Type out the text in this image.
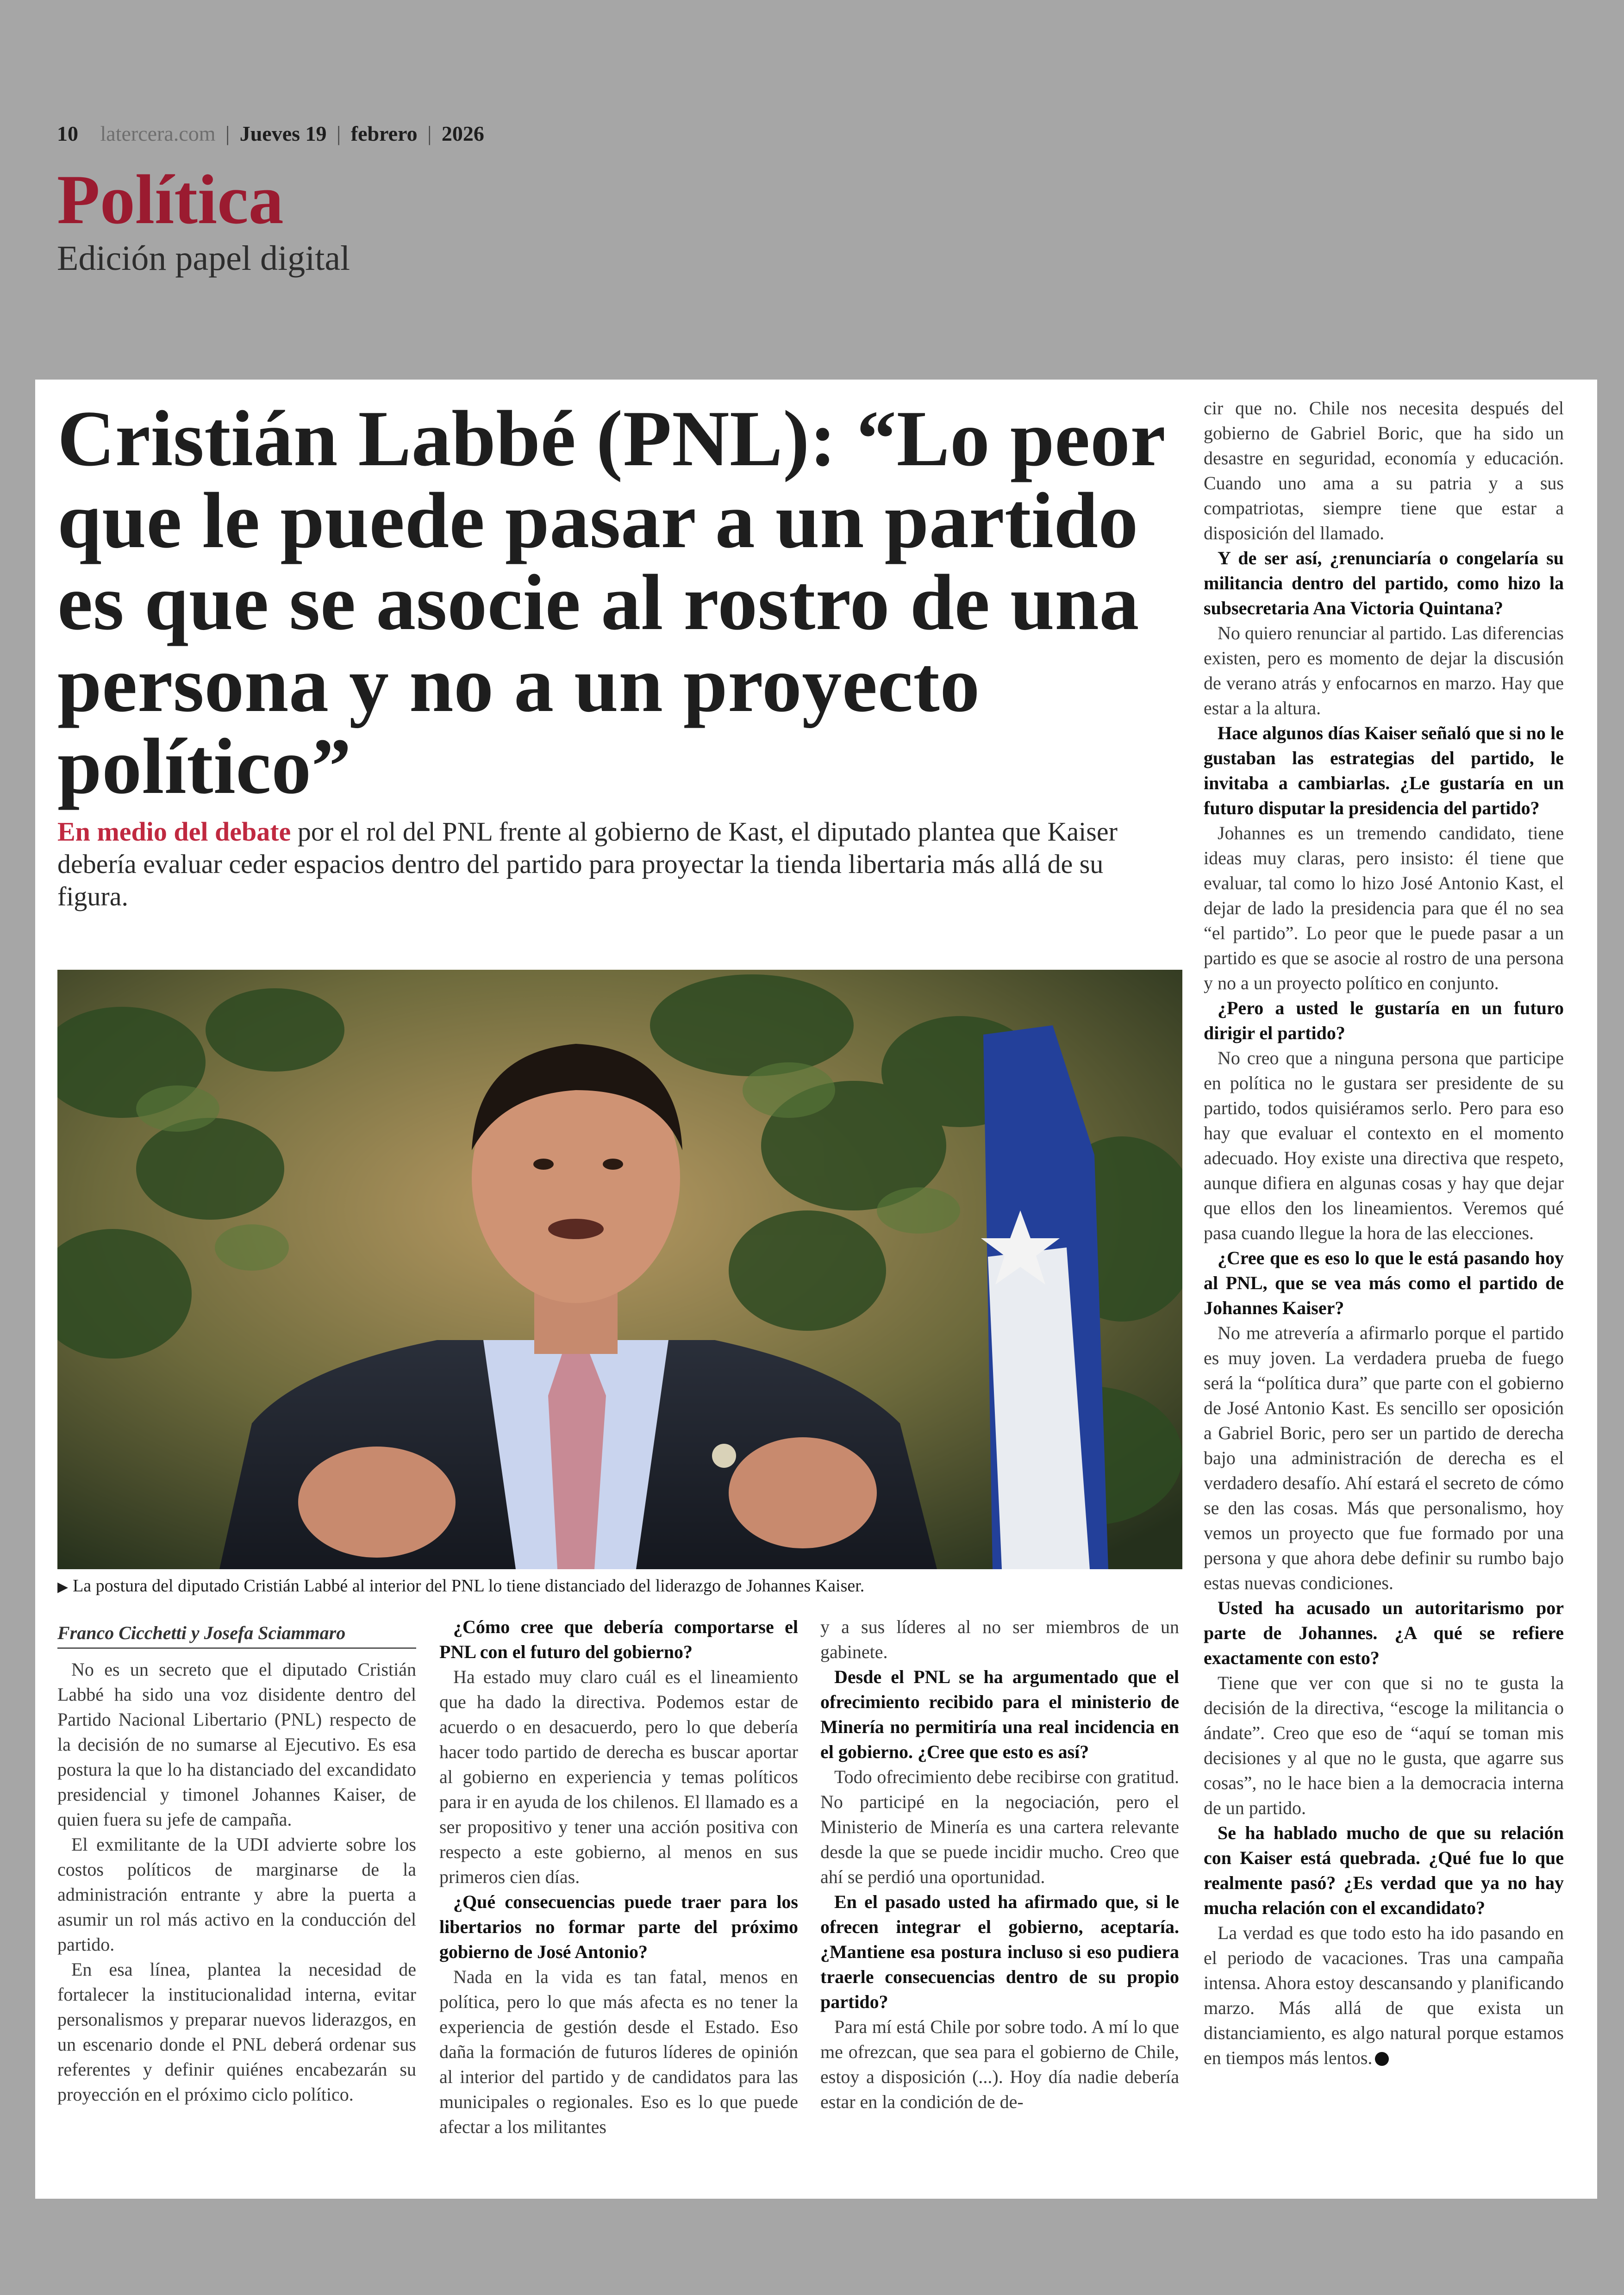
10 latercera.com | Jueves 19 | febrero | 2026
Política
Edición papel digital
Cristián Labbé (PNL): “Lo peor que le puede pasar a un partido es que se asocie al rostro de una persona y no a un proyecto político”

En medio del debate por el rol del PNL frente al gobierno de Kast, el diputado plantea que Kaiser debería evaluar ceder espacios dentro del partido para proyectar la tienda libertaria más allá de su figura.

▶ La postura del diputado Cristián Labbé al interior del PNL lo tiene distanciado del liderazgo de Johannes Kaiser.

Franco Cicchetti y Josefa Sciammaro

No es un secreto que el diputado Cristián Labbé ha sido una voz disidente dentro del Partido Nacional Libertario (PNL) respecto de la decisión de no sumarse al Ejecutivo. Es esa postura la que lo ha distanciado del excandidato presidencial y timonel Johannes Kaiser, de quien fuera su jefe de campaña.

El exmilitante de la UDI advierte sobre los costos políticos de marginarse de la administración entrante y abre la puerta a asumir un rol más activo en la conducción del partido.

En esa línea, plantea la necesidad de fortalecer la institucionalidad interna, evitar personalismos y preparar nuevos liderazgos, en un escenario donde el PNL deberá ordenar sus referentes y definir quiénes encabezarán su proyección en el próximo ciclo político.

¿Cómo cree que debería comportarse el PNL con el futuro del gobierno?

Ha estado muy claro cuál es el lineamiento que ha dado la directiva. Podemos estar de acuerdo o en desacuerdo, pero lo que debería hacer todo partido de derecha es buscar aportar al gobierno en experiencia y temas políticos para ir en ayuda de los chilenos. El llamado es a ser propositivo y tener una acción positiva con respecto a este gobierno, al menos en sus primeros cien días.

¿Qué consecuencias puede traer para los libertarios no formar parte del próximo gobierno de José Antonio?

Nada en la vida es tan fatal, menos en política, pero lo que más afecta es no tener la experiencia de gestión desde el Estado. Eso daña la formación de futuros líderes de opinión al interior del partido y de candidatos para las municipales o regionales. Eso es lo que puede afectar a los militantes

y a sus líderes al no ser miembros de un gabinete.

Desde el PNL se ha argumentado que el ofrecimiento recibido para el ministerio de Minería no permitiría una real incidencia en el gobierno. ¿Cree que esto es así?

Todo ofrecimiento debe recibirse con gratitud. No participé en la negociación, pero el Ministerio de Minería es una cartera relevante desde la que se puede incidir mucho. Creo que ahí se perdió una oportunidad.

En el pasado usted ha afirmado que, si le ofrecen integrar el gobierno, aceptaría. ¿Mantiene esa postura incluso si eso pudiera traerle consecuencias dentro de su propio partido?

Para mí está Chile por sobre todo. A mí lo que me ofrezcan, que sea para el gobierno de Chile, estoy a disposición (...). Hoy día nadie debería estar en la condición de de-

cir que no. Chile nos necesita después del gobierno de Gabriel Boric, que ha sido un desastre en seguridad, economía y educación. Cuando uno ama a su patria y a sus compatriotas, siempre tiene que estar a disposición del llamado.

Y de ser así, ¿renunciaría o congelaría su militancia dentro del partido, como hizo la subsecretaria Ana Victoria Quintana?

No quiero renunciar al partido. Las diferencias existen, pero es momento de dejar la discusión de verano atrás y enfocarnos en marzo. Hay que estar a la altura.

Hace algunos días Kaiser señaló que si no le gustaban las estrategias del partido, le invitaba a cambiarlas. ¿Le gustaría en un futuro disputar la presidencia del partido?

Johannes es un tremendo candidato, tiene ideas muy claras, pero insisto: él tiene que evaluar, tal como lo hizo José Antonio Kast, el dejar de lado la presidencia para que él no sea “el partido”. Lo peor que le puede pasar a un partido es que se asocie al rostro de una persona y no a un proyecto político en conjunto.

¿Pero a usted le gustaría en un futuro dirigir el partido?

No creo que a ninguna persona que participe en política no le gustara ser presidente de su partido, todos quisiéramos serlo. Pero para eso hay que evaluar el contexto en el momento adecuado. Hoy existe una directiva que respeto, aunque difiera en algunas cosas y hay que dejar que ellos den los lineamientos. Veremos qué pasa cuando llegue la hora de las elecciones.

¿Cree que es eso lo que le está pasando hoy al PNL, que se vea más como el partido de Johannes Kaiser?

No me atrevería a afirmarlo porque el partido es muy joven. La verdadera prueba de fuego será la “política dura” que parte con el gobierno de José Antonio Kast. Es sencillo ser oposición a Gabriel Boric, pero ser un partido de derecha bajo una administración de derecha es el verdadero desafío. Ahí estará el secreto de cómo se den las cosas. Más que personalismo, hoy vemos un proyecto que fue formado por una persona y que ahora debe definir su rumbo bajo estas nuevas condiciones.

Usted ha acusado un autoritarismo por parte de Johannes. ¿A qué se refiere exactamente con esto?

Tiene que ver con que si no te gusta la decisión de la directiva, “escoge la militancia o ándate”. Creo que eso de “aquí se toman mis decisiones y al que no le gusta, que agarre sus cosas”, no le hace bien a la democracia interna de un partido.

Se ha hablado mucho de que su relación con Kaiser está quebrada. ¿Qué fue lo que realmente pasó? ¿Es verdad que ya no hay mucha relación con el excandidato?

La verdad es que todo esto ha ido pasando en el periodo de vacaciones. Tras una campaña intensa. Ahora estoy descansando y planificando marzo. Más allá de que exista un distanciamiento, es algo natural porque estamos en tiempos más lentos.
